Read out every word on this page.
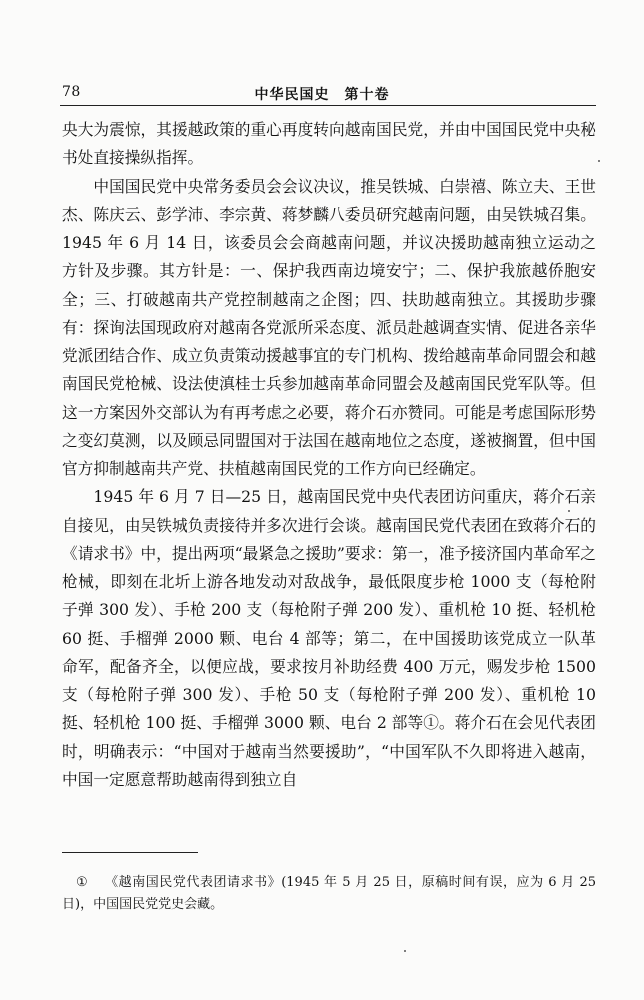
78	中华民国史　第十卷

央大为震惊，其援越政策的重心再度转向越南国民党，并由中国国民党中央秘书处直接操纵指挥。

中国国民党中央常务委员会会议决议，推吴铁城、白崇禧、陈立夫、王世杰、陈庆云、彭学沛、李宗黄、蒋梦麟八委员研究越南问题，由吴铁城召集。1945 年 6 月 14 日，该委员会会商越南问题，并议决援助越南独立运动之方针及步骤。其方针是：一、保护我西南边境安宁；二、保护我旅越侨胞安全；三、打破越南共产党控制越南之企图；四、扶助越南独立。其援助步骤有：探询法国现政府对越南各党派所采态度、派员赴越调查实情、促进各亲华党派团结合作、成立负责策动援越事宜的专门机构、拨给越南革命同盟会和越南国民党枪械、设法使滇桂士兵参加越南革命同盟会及越南国民党军队等。但这一方案因外交部认为有再考虑之必要，蒋介石亦赞同。可能是考虑国际形势之变幻莫测，以及顾忌同盟国对于法国在越南地位之态度，遂被搁置，但中国官方抑制越南共产党、扶植越南国民党的工作方向已经确定。

1945 年 6 月 7 日—25 日，越南国民党中央代表团访问重庆，蒋介石亲自接见，由吴铁城负责接待并多次进行会谈。越南国民党代表团在致蒋介石的《请求书》中，提出两项“最紧急之援助”要求：第一，准予接济国内革命军之枪械，即刻在北圻上游各地发动对敌战争，最低限度步枪 1000 支（每枪附子弹 300 发）、手枪 200 支（每枪附子弹 200 发）、重机枪 10 挺、轻机枪 60 挺、手榴弹 2000 颗、电台 4 部等；第二，在中国援助该党成立一队革命军，配备齐全，以便应战，要求按月补助经费 400 万元，赐发步枪 1500 支（每枪附子弹 300 发）、手枪 50 支（每枪附子弹 200 发）、重机枪 10 挺、轻机枪 100 挺、手榴弹 3000 颗、电台 2 部等①。蒋介石在会见代表团时，明确表示：“中国对于越南当然要援助”，“中国军队不久即将进入越南，中国一定愿意帮助越南得到独立自

① 《越南国民党代表团请求书》(1945 年 5 月 25 日，原稿时间有误，应为 6 月 25 日)，中国国民党党史会藏。
